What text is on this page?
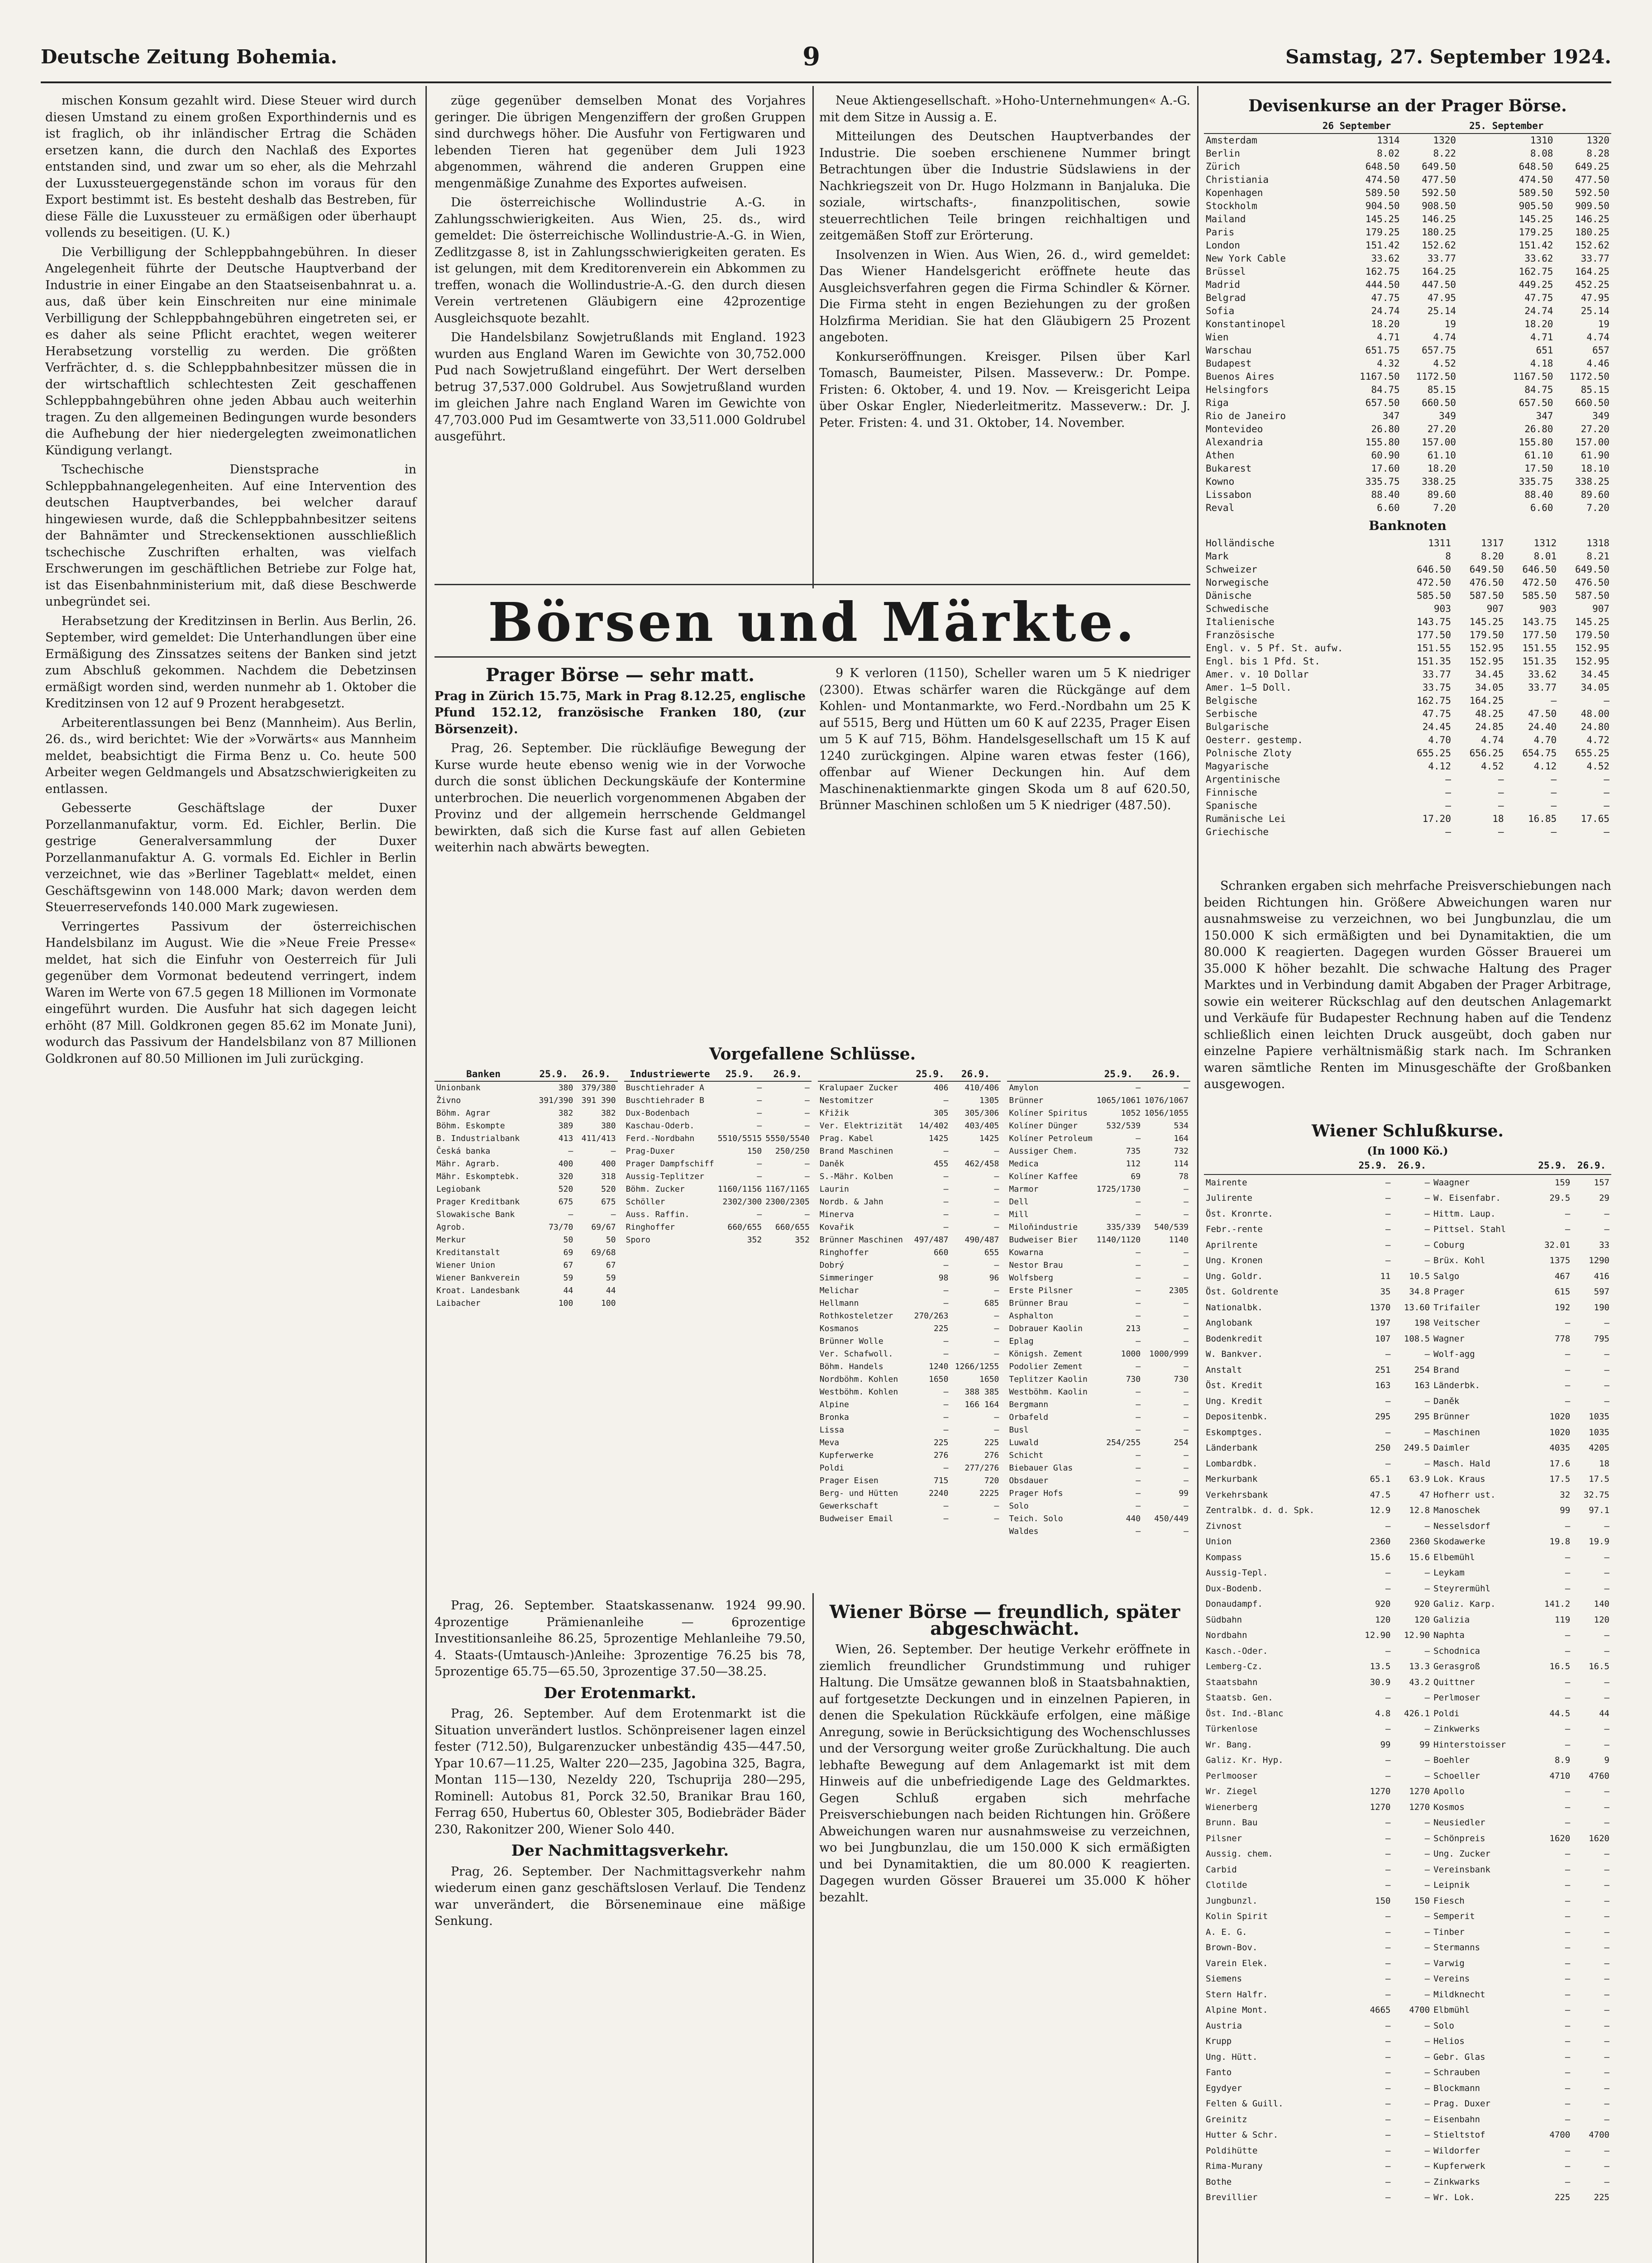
Deutsche Zeitung Bohemia.	9	Samstag, 27. September 1924.

mischen Konsum gezahlt wird. Diese Steuer wird durch diesen Umstand zu einem großen Exporthindernis und es ist fraglich, ob ihr inländischer Ertrag die Schäden ersetzen kann, die durch den Nachlaß des Exportes entstanden sind, und zwar um so eher, als die Mehrzahl der Luxussteuergegenstände schon im voraus für den Export bestimmt ist. Es besteht deshalb das Bestreben, für diese Fälle die Luxussteuer zu ermäßigen oder überhaupt vollends zu beseitigen. (U. K.)

Die Verbilligung der Schleppbahngebühren. In dieser Angelegenheit führte der Deutsche Hauptverband der Industrie in einer Eingabe an den Staatseisenbahnrat u. a. aus, daß über kein Einschreiten nur eine minimale Verbilligung der Schleppbahngebühren eingetreten sei, er es daher als seine Pflicht erachtet, wegen weiterer Herabsetzung vorstellig zu werden. Die größten Verfrächter, d. s. die Schleppbahnbesitzer müssen die in der wirtschaftlich schlechtesten Zeit geschaffenen Schleppbahngebühren ohne jeden Abbau auch weiterhin tragen. Zu den allgemeinen Bedingungen wurde besonders die Aufhebung der hier niedergelegten zweimonatlichen Kündigung verlangt.

Tschechische Dienstsprache in Schleppbahnangelegenheiten. Auf eine Intervention des deutschen Hauptverbandes, bei welcher darauf hingewiesen wurde, daß die Schleppbahnbesitzer seitens der Bahnämter und Streckensektionen ausschließlich tschechische Zuschriften erhalten, was vielfach Erschwerungen im geschäftlichen Betriebe zur Folge hat, ist das Eisenbahnministerium mit, daß diese Beschwerde unbegründet sei.

Herabsetzung der Kreditzinsen in Berlin. Aus Berlin, 26. September, wird gemeldet: Die Unterhandlungen über eine Ermäßigung des Zinssatzes seitens der Banken sind jetzt zum Abschluß gekommen. Nachdem die Debetzinsen ermäßigt worden sind, werden nunmehr ab 1. Oktober die Kreditzinsen von 12 auf 9 Prozent herabgesetzt.

Arbeiterentlassungen bei Benz (Mannheim). Aus Berlin, 26. ds., wird berichtet: Wie der »Vorwärts« aus Mannheim meldet, beabsichtigt die Firma Benz u. Co. heute 500 Arbeiter wegen Geldmangels und Absatzschwierigkeiten zu entlassen.

Gebesserte Geschäftslage der Duxer Porzellanmanufaktur, vorm. Ed. Eichler, Berlin. Die gestrige Generalversammlung der Duxer Porzellanmanufaktur A. G. vormals Ed. Eichler in Berlin verzeichnet, wie das »Berliner Tageblatt« meldet, einen Geschäftsgewinn von 148.000 Mark; davon werden dem Steuerreservefonds 140.000 Mark zugewiesen.

Verringertes Passivum der österreichischen Handelsbilanz im August. Wie die »Neue Freie Presse« meldet, hat sich die Einfuhr von Oesterreich für Juli gegenüber dem Vormonat bedeutend verringert, indem Waren im Werte von 67.5 gegen 18 Millionen im Vormonate eingeführt wurden. Die Ausfuhr hat sich dagegen leicht erhöht (87 Mill. Goldkronen gegen 85.62 im Monate Juni), wodurch das Passivum der Handelsbilanz von 87 Millionen Goldkronen auf 80.50 Millionen im Juli zurückging.

züge gegenüber demselben Monat des Vorjahres geringer. Die übrigen Mengenziffern der großen Gruppen sind durchwegs höher. Die Ausfuhr von Fertigwaren und lebenden Tieren hat gegenüber dem Juli 1923 abgenommen, während die anderen Gruppen eine mengenmäßige Zunahme des Exportes aufweisen.

Die österreichische Wollindustrie A.-G. in Zahlungsschwierigkeiten. Aus Wien, 25. ds., wird gemeldet: Die österreichische Wollindustrie-A.-G. in Wien, Zedlitzgasse 8, ist in Zahlungsschwierigkeiten geraten. Es ist gelungen, mit dem Kreditorenverein ein Abkommen zu treffen, wonach die Wollindustrie-A.-G. den durch diesen Verein vertretenen Gläubigern eine 42prozentige Ausgleichsquote bezahlt.

Die Handelsbilanz Sowjetrußlands mit England. 1923 wurden aus England Waren im Gewichte von 30,752.000 Pud nach Sowjetrußland eingeführt. Der Wert derselben betrug 37,537.000 Goldrubel. Aus Sowjetrußland wurden im gleichen Jahre nach England Waren im Gewichte von 47,703.000 Pud im Gesamtwerte von 33,511.000 Goldrubel ausgeführt.

Neue Aktiengesellschaft. »Hoho-Unternehmungen« A.-G. mit dem Sitze in Aussig a. E.

Mitteilungen des Deutschen Hauptverbandes der Industrie. Die soeben erschienene Nummer bringt Betrachtungen über die Industrie Südslawiens in der Nachkriegszeit von Dr. Hugo Holzmann in Banjaluka. Die soziale, wirtschafts-, finanzpolitischen, sowie steuerrechtlichen Teile bringen reichhaltigen und zeitgemäßen Stoff zur Erörterung.

Insolvenzen in Wien. Aus Wien, 26. d., wird gemeldet: Das Wiener Handelsgericht eröffnete heute das Ausgleichsverfahren gegen die Firma Schindler & Körner. Die Firma steht in engen Beziehungen zu der großen Holzfirma Meridian. Sie hat den Gläubigern 25 Prozent angeboten.

Konkurseröffnungen. Kreisger. Pilsen über Karl Tomasch, Baumeister, Pilsen. Masseverw.: Dr. Pompe. Fristen: 6. Oktober, 4. und 19. Nov. — Kreisgericht Leipa über Oskar Engler, Niederleitmeritz. Masseverw.: Dr. J. Peter. Fristen: 4. und 31. Oktober, 14. November.

Börsen und Märkte.
Prager Börse — sehr matt.

Prag in Zürich 15.75, Mark in Prag 8.12.25, englische Pfund 152.12, französische Franken 180, (zur Börsenzeit).

Prag, 26. September. Die rückläufige Bewegung der Kurse wurde heute ebenso wenig wie in der Vorwoche durch die sonst üblichen Deckungskäufe der Kontermine unterbrochen. Die neuerlich vorgenommenen Abgaben der Provinz und der allgemein herrschende Geldmangel bewirkten, daß sich die Kurse fast auf allen Gebieten weiterhin nach abwärts bewegten.

9 K verloren (1150), Scheller waren um 5 K niedriger (2300). Etwas schärfer waren die Rückgänge auf dem Kohlen- und Montanmarkte, wo Ferd.-Nordbahn um 25 K auf 5515, Berg und Hütten um 60 K auf 2235, Prager Eisen um 5 K auf 715, Böhm. Handelsgesellschaft um 15 K auf 1240 zurückgingen. Alpine waren etwas fester (166), offenbar auf Wiener Deckungen hin. Auf dem Maschinenaktienmarkte gingen Skoda um 8 auf 620.50, Brünner Maschinen schloßen um 5 K niedriger (487.50).

Vorgefallene Schlüsse.
Banken	25.9.	26.9.
Unionbank	380	379/380
Živno	391/390	391 390
Böhm. Agrar	382	382
Böhm. Eskompte	389	380
B. Industrialbank	413	411/413
Česká banka	—	—
Mähr. Agrarb.	400	400
Mähr. Eskomptebk.	320	318
Legiobank	520	520
Prager Kreditbank	675	675
Slowakische Bank	—	—
Agrob.	73/70	69/67
Merkur	50	50
Kreditanstalt	69	69/68
Wiener Union	67	67
Wiener Bankverein	59	59
Kroat. Landesbank	44	44
Laibacher	100	100
Industriewerte	25.9.	26.9.
Buschtiehrader A	—	—
Buschtiehrader B	—	—
Dux-Bodenbach	—	—
Kaschau-Oderb.	—	—
Ferd.-Nordbahn	5510/5515	5550/5540
Prag-Duxer	150	250/250
Prager Dampfschiff	—	—
Aussig-Teplitzer	—	—
Böhm. Zucker	1160/1156	1167/1165
Schöller	2302/300	2300/2305
Auss. Raffin.	—	—
Ringhoffer	660/655	660/655
Sporo	352	352
	25.9.	26.9.
Kralupaer Zucker	406	410/406
Nestomitzer	—	1305
Křižik	305	305/306
Ver. Elektrizität	14/402	403/405
Prag. Kabel	1425	1425
Brand Maschinen	—	—
Daněk	455	462/458
S.-Mähr. Kolben	—	—
Laurin	—	—
Nordb. & Jahn	—	—
Minerva	—	—
Kovařik	—	—
Brünner Maschinen	497/487	490/487
Ringhoffer	660	655
Dobrý	—	—
Simmeringer	98	96
Melichar	—	—
Hellmann	—	685
Rothkosteletzer	270/263	—
Kosmanos	225	—
Brünner Wolle	—	—
Ver. Schafwoll.	—	—
Böhm. Handels	1240	1266/1255
Nordböhm. Kohlen	1650	1650
Westböhm. Kohlen	—	388 385
Alpine	—	166 164
Bronka	—	—
Lissa	—	—
Meva	225	225
Kupferwerke	276	276
Poldi	—	277/276
Prager Eisen	715	720
Berg- und Hütten	2240	2225
Gewerkschaft	—	—
Budweiser Email	—	—
	25.9.	26.9.
Amylon	—	—
Brünner	1065/1061	1076/1067
Kolíner Spiritus	1052	1056/1055
Kolíner Dünger	532/539	534
Kolíner Petroleum	—	164
Aussiger Chem.	735	732
Medica	112	114
Kolíner Kaffee	69	78
Marmor	1725/1730	—
Dell	—	—
Mill	—	—
Miloňindustrie	335/339	540/539
Budweiser Bier	1140/1120	1140
Kowarna	—	—
Nestor Brau	—	—
Wolfsberg	—	—
Erste Pilsner	—	2305
Brünner Brau	—	—
Asphalton	—	—
Dobrauer Kaolin	213	—
Eplag	—	—
Königsh. Zement	1000	1000/999
Podolier Zement	—	—
Teplitzer Kaolin	730	730
Westböhm. Kaolin	—	—
Bergmann	—	—
Orbafeld	—	—
Busl	—	—
Luwald	254/255	254
Schicht	—	—
Biebauer Glas	—	—
Obsdauer	—	—
Prager Hofs	—	99
Solo	—	—
Teich. Solo	440	450/449
Waldes	—	—

Prag, 26. September. Staatskassenanw. 1924 99.90. 4prozentige Prämienanleihe — 6prozentige Investitionsanleihe 86.25, 5prozentige Mehlanleihe 79.50, 4. Staats-(Umtausch-)Anleihe: 3prozentige 76.25 bis 78, 5prozentige 65.75—65.50, 3prozentige 37.50—38.25.

Der Erotenmarkt.

Prag, 26. September. Auf dem Erotenmarkt ist die Situation unverändert lustlos. Schönpreisener lagen einzel fester (712.50), Bulgarenzucker unbeständig 435—447.50, Ypar 10.67—11.25, Walter 220—235, Jagobina 325, Bagra, Montan 115—130, Nezeldy 220, Tschuprija 280—295, Rominell: Autobus 81, Porck 32.50, Branikar Brau 160, Ferrag 650, Hubertus 60, Oblester 305, Bodiebräder Bäder 230, Rakonitzer 200, Wiener Solo 440.

Der Nachmittagsverkehr.

Prag, 26. September. Der Nachmittagsverkehr nahm wiederum einen ganz geschäftslosen Verlauf. Die Tendenz war unverändert, die Börseneminaue eine mäßige Senkung.

Wiener Börse — freundlich, später abgeschwächt.

Wien, 26. September. Der heutige Verkehr eröffnete in ziemlich freundlicher Grundstimmung und ruhiger Haltung. Die Umsätze gewannen bloß in Staatsbahnaktien, auf fortgesetzte Deckungen und in einzelnen Papieren, in denen die Spekulation Rückkäufe erfolgen, eine mäßige Anregung, sowie in Berücksichtigung des Wochenschlusses und der Versorgung weiter große Zurückhaltung. Die auch lebhafte Bewegung auf dem Anlagemarkt ist mit dem Hinweis auf die unbefriedigende Lage des Geldmarktes. Gegen Schluß ergaben sich mehrfache Preisverschiebungen nach beiden Richtungen hin. Größere Abweichungen waren nur ausnahmsweise zu verzeichnen, wo bei Jungbunzlau, die um 150.000 K sich ermäßigten und bei Dynamitaktien, die um 80.000 K reagierten. Dagegen wurden Gösser Brauerei um 35.000 K höher bezahlt.

Devisenkurse an der Prager Börse.
	26 September		25. September	
Amsterdam	1314	1320	1310	1320
Berlin	8.02	8.22	8.08	8.28
Zürich	648.50	649.50	648.50	649.25
Christiania	474.50	477.50	474.50	477.50
Kopenhagen	589.50	592.50	589.50	592.50
Stockholm	904.50	908.50	905.50	909.50
Mailand	145.25	146.25	145.25	146.25
Paris	179.25	180.25	179.25	180.25
London	151.42	152.62	151.42	152.62
New York Cable	33.62	33.77	33.62	33.77
Brüssel	162.75	164.25	162.75	164.25
Madrid	444.50	447.50	449.25	452.25
Belgrad	47.75	47.95	47.75	47.95
Sofia	24.74	25.14	24.74	25.14
Konstantinopel	18.20	19	18.20	19
Wien	4.71	4.74	4.71	4.74
Warschau	651.75	657.75	651	657
Budapest	4.32	4.52	4.18	4.46
Buenos Aires	1167.50	1172.50	1167.50	1172.50
Helsingfors	84.75	85.15	84.75	85.15
Riga	657.50	660.50	657.50	660.50
Rio de Janeiro	347	349	347	349
Montevideo	26.80	27.20	26.80	27.20
Alexandria	155.80	157.00	155.80	157.00
Athen	60.90	61.10	61.10	61.90
Bukarest	17.60	18.20	17.50	18.10
Kowno	335.75	338.25	335.75	338.25
Lissabon	88.40	89.60	88.40	89.60
Reval	6.60	7.20	6.60	7.20
Banknoten
Holländische	1311	1317	1312	1318
Mark	8	8.20	8.01	8.21
Schweizer	646.50	649.50	646.50	649.50
Norwegische	472.50	476.50	472.50	476.50
Dänische	585.50	587.50	585.50	587.50
Schwedische	903	907	903	907
Italienische	143.75	145.25	143.75	145.25
Französische	177.50	179.50	177.50	179.50
Engl. v. 5 Pf. St. aufw.	151.55	152.95	151.55	152.95
Engl. bis 1 Pfd. St.	151.35	152.95	151.35	152.95
Amer. v. 10 Dollar	33.77	34.45	33.62	34.45
Amer. 1—5 Doll.	33.75	34.05	33.77	34.05
Belgische	162.75	164.25	—	—
Serbische	47.75	48.25	47.50	48.00
Bulgarische	24.45	24.85	24.40	24.80
Oesterr. gestemp.	4.70	4.74	4.70	4.72
Polnische Zloty	655.25	656.25	654.75	655.25
Magyarische	4.12	4.52	4.12	4.52
Argentinische	—	—	—	—
Finnische	—	—	—	—
Spanische	—	—	—	—
Rumänische Lei	17.20	18	16.85	17.65
Griechische	—	—	—	—

Schranken ergaben sich mehrfache Preisverschiebungen nach beiden Richtungen hin. Größere Abweichungen waren nur ausnahmsweise zu verzeichnen, wo bei Jungbunzlau, die um 150.000 K sich ermäßigten und bei Dynamitaktien, die um 80.000 K reagierten. Dagegen wurden Gösser Brauerei um 35.000 K höher bezahlt. Die schwache Haltung des Prager Marktes und in Verbindung damit Abgaben der Prager Arbitrage, sowie ein weiterer Rückschlag auf den deutschen Anlagemarkt und Verkäufe für Budapester Rechnung haben auf die Tendenz schließlich einen leichten Druck ausgeübt, doch gaben nur einzelne Papiere verhältnismäßig stark nach. Im Schranken waren sämtliche Renten im Minusgeschäfte der Großbanken ausgewogen.

Wiener Schlußkurse.
(In 1000 Kö.)
	25.9.	26.9.		25.9.	26.9.
Mairente	—	—	Waagner	159	157
Julirente	—	—	W. Eisenfabr.	29.5	29
Öst. Kronrte.	—	—	Hittm. Laup.	—	—
Febr.-rente	—	—	Pittsel. Stahl	—	—
Aprilrente	—	—	Coburg	32.01	33
Ung. Kronen	—	—	Brüx. Kohl	1375	1290
Ung. Goldr.	11	10.5	Salgo	467	416
Öst. Goldrente	35	34.8	Prager	615	597
Nationalbk.	1370	13.60	Trifailer	192	190
Anglobank	197	198	Veitscher	—	—
Bodenkredit	107	108.5	Wagner	778	795
W. Bankver.	—	—	Wolf-agg	—	—
Anstalt	251	254	Brand	—	—
Öst. Kredit	163	163	Länderbk.	—	—
Ung. Kredit	—	—	Daněk	—	—
Depositenbk.	295	295	Brünner	1020	1035
Eskomptges.	—	—	Maschinen	1020	1035
Länderbank	250	249.5	Daimler	4035	4205
Lombardbk.	—	—	Masch. Hald	17.6	18
Merkurbank	65.1	63.9	Lok. Kraus	17.5	17.5
Verkehrsbank	47.5	47	Hofherr ust.	32	32.75
Zentralbk. d. d. Spk.	12.9	12.8	Manoschek	99	97.1
Zivnost	—	—	Nesselsdorf	—	—
Union	2360	2360	Skodawerke	19.8	19.9
Kompass	15.6	15.6	Elbemühl	—	—
Aussig-Tepl.	—	—	Leykam	—	—
Dux-Bodenb.	—	—	Steyrermühl	—	—
Donaudampf.	920	920	Galiz. Karp.	141.2	140
Südbahn	120	120	Galizia	119	120
Nordbahn	12.90	12.90	Naphta	—	—
Kasch.-Oder.	—	—	Schodnica	—	—
Lemberg-Cz.	13.5	13.3	Gerasgroß	16.5	16.5
Staatsbahn	30.9	43.2	Quittner	—	—
Staatsb. Gen.	—	—	Perlmoser	—	—
Öst. Ind.-Blanc	4.8	426.1	Poldi	44.5	44
Türkenlose	—	—	Zinkwerks	—	—
Wr. Bang.	99	99	Hinterstoisser	—	—
Galiz. Kr. Hyp.	—	—	Boehler	8.9	9
Perlmooser	—	—	Schoeller	4710	4760
Wr. Ziegel	1270	1270	Apollo	—	—
Wienerberg	1270	1270	Kosmos	—	—
Brunn. Bau	—	—	Neusiedler	—	—
Pilsner	—	—	Schönpreis	1620	1620
Aussig. chem.	—	—	Ung. Zucker	—	—
Carbid	—	—	Vereinsbank	—	—
Clotilde	—	—	Leipnik	—	—
Jungbunzl.	150	150	Fiesch	—	—
Kolin Spirit	—	—	Semperit	—	—
A. E. G.	—	—	Tinber	—	—
Brown-Bov.	—	—	Stermanns	—	—
Varein Elek.	—	—	Varwig	—	—
Siemens	—	—	Vereins	—	—
Stern Halfr.	—	—	Mildknecht	—	—
Alpine Mont.	4665	4700	Elbmühl	—	—
Austria	—	—	Solo	—	—
Krupp	—	—	Helios	—	—
Ung. Hütt.	—	—	Gebr. Glas	—	—
Fanto	—	—	Schrauben	—	—
Egydyer	—	—	Blockmann	—	—
Felten & Guill.	—	—	Prag. Duxer	—	—
Greinitz	—	—	Eisenbahn	—	—
Hutter & Schr.	—	—	Stieltstof	4700	4700
Poldihütte	—	—	Wildorfer	—	—
Rima-Murany	—	—	Kupferwerk	—	—
Bothe	—	—	Zinkwarks	—	—
Brevillier	—	—	Wr. Lok.	225	225
